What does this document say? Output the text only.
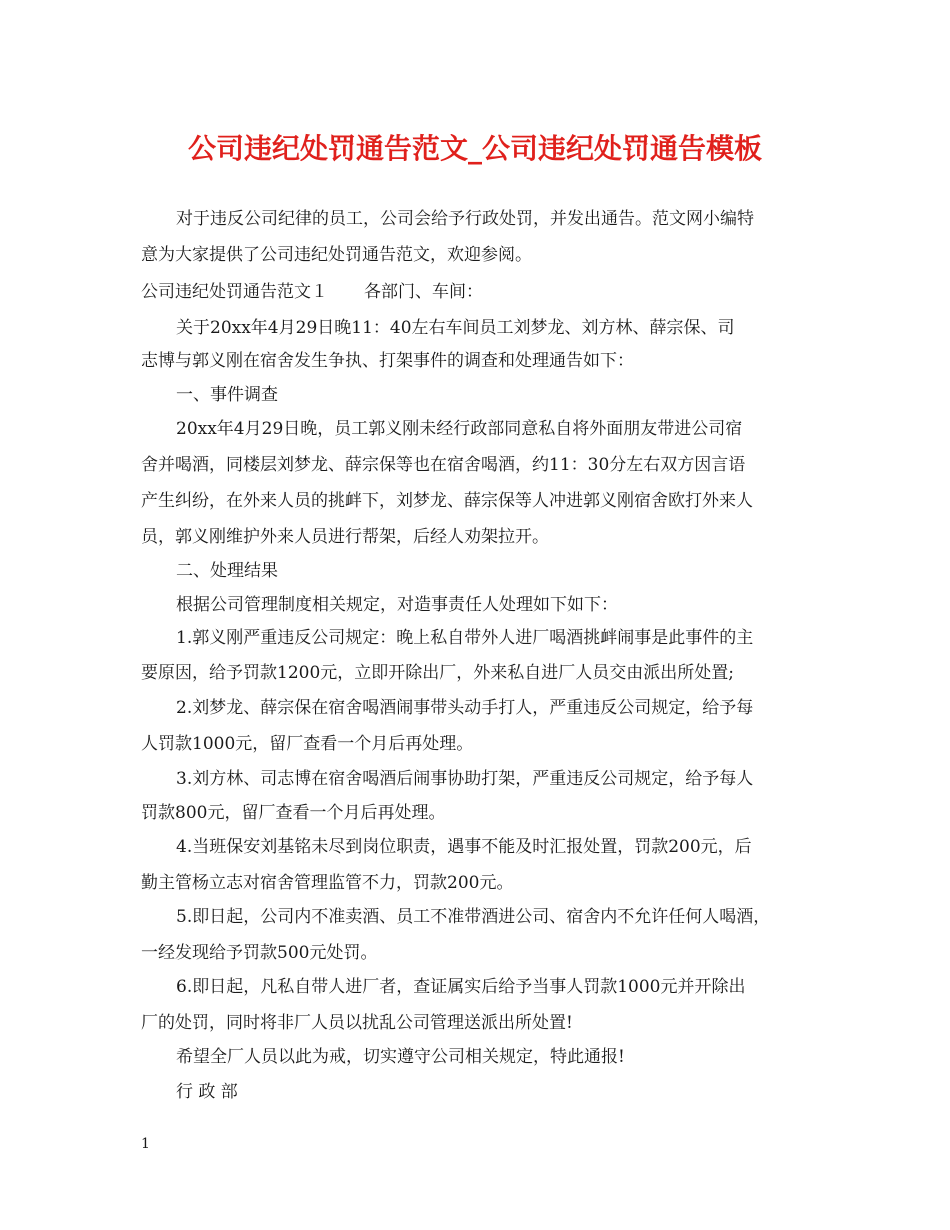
公司违纪处罚通告范文_公司违纪处罚通告模板
对于违反公司纪律的员工，公司会给予行政处罚，并发出通告。范文网小编特
意为大家提供了公司违纪处罚通告范文，欢迎参阅。
公司违纪处罚通告范文１ 各部门、车间：
关于20xx年4月29日晚11：40左右车间员工刘梦龙、刘方林、薛宗保、司
志博与郭义刚在宿舍发生争执、打架事件的调查和处理通告如下：
一、事件调查
20xx年4月29日晚，员工郭义刚未经行政部同意私自将外面朋友带进公司宿
舍并喝酒，同楼层刘梦龙、薛宗保等也在宿舍喝酒，约11：30分左右双方因言语
产生纠纷，在外来人员的挑衅下，刘梦龙、薛宗保等人冲进郭义刚宿舍欧打外来人
员，郭义刚维护外来人员进行帮架，后经人劝架拉开。
二、处理结果
根据公司管理制度相关规定，对造事责任人处理如下如下：
1.郭义刚严重违反公司规定：晚上私自带外人进厂喝酒挑衅闹事是此事件的主
要原因，给予罚款1200元，立即开除出厂，外来私自进厂人员交由派出所处置;
2.刘梦龙、薛宗保在宿舍喝酒闹事带头动手打人，严重违反公司规定，给予每
人罚款1000元，留厂查看一个月后再处理。
3.刘方林、司志博在宿舍喝酒后闹事协助打架，严重违反公司规定，给予每人
罚款800元，留厂查看一个月后再处理。
4.当班保安刘基铭未尽到岗位职责，遇事不能及时汇报处置，罚款200元，后
勤主管杨立志对宿舍管理监管不力，罚款200元。
5.即日起，公司内不准卖酒、员工不准带酒进公司、宿舍内不允许任何人喝酒，
一经发现给予罚款500元处罚。
6.即日起，凡私自带人进厂者，查证属实后给予当事人罚款1000元并开除出
厂的处罚，同时将非厂人员以扰乱公司管理送派出所处置!
希望全厂人员以此为戒，切实遵守公司相关规定，特此通报!
行 政 部
1
